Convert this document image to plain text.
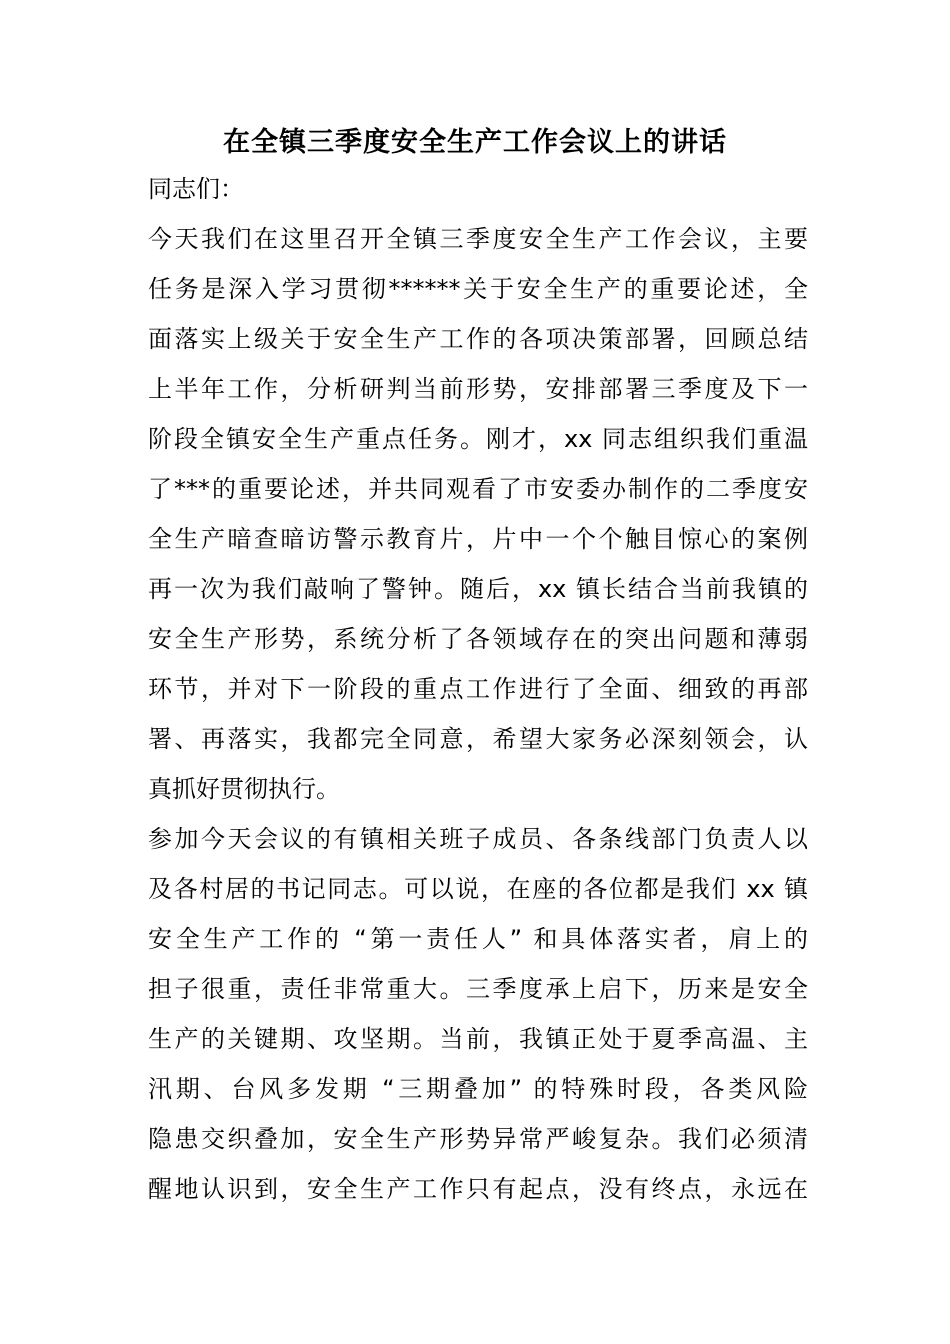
在全镇三季度安全生产工作会议上的讲话
同志们：
今天我们在这里召开全镇三季度安全生产工作会议，主要
任务是深入学习贯彻******关于安全生产的重要论述，全
面落实上级关于安全生产工作的各项决策部署，回顾总结
上半年工作，分析研判当前形势，安排部署三季度及下一
阶段全镇安全生产重点任务。刚才，xx 同志组织我们重温
了***的重要论述，并共同观看了市安委办制作的二季度安
全生产暗查暗访警示教育片，片中一个个触目惊心的案例
再一次为我们敲响了警钟。随后，xx 镇长结合当前我镇的
安全生产形势，系统分析了各领域存在的突出问题和薄弱
环节，并对下一阶段的重点工作进行了全面、细致的再部
署、再落实，我都完全同意，希望大家务必深刻领会，认
真抓好贯彻执行。
参加今天会议的有镇相关班子成员、各条线部门负责人以
及各村居的书记同志。可以说，在座的各位都是我们 xx 镇
安全生产工作的 “第一责任人” 和具体落实者，肩上的
担子很重，责任非常重大。三季度承上启下，历来是安全
生产的关键期、攻坚期。当前，我镇正处于夏季高温、主
汛期、台风多发期 “三期叠加” 的特殊时段，各类风险
隐患交织叠加，安全生产形势异常严峻复杂。我们必须清
醒地认识到，安全生产工作只有起点，没有终点，永远在
